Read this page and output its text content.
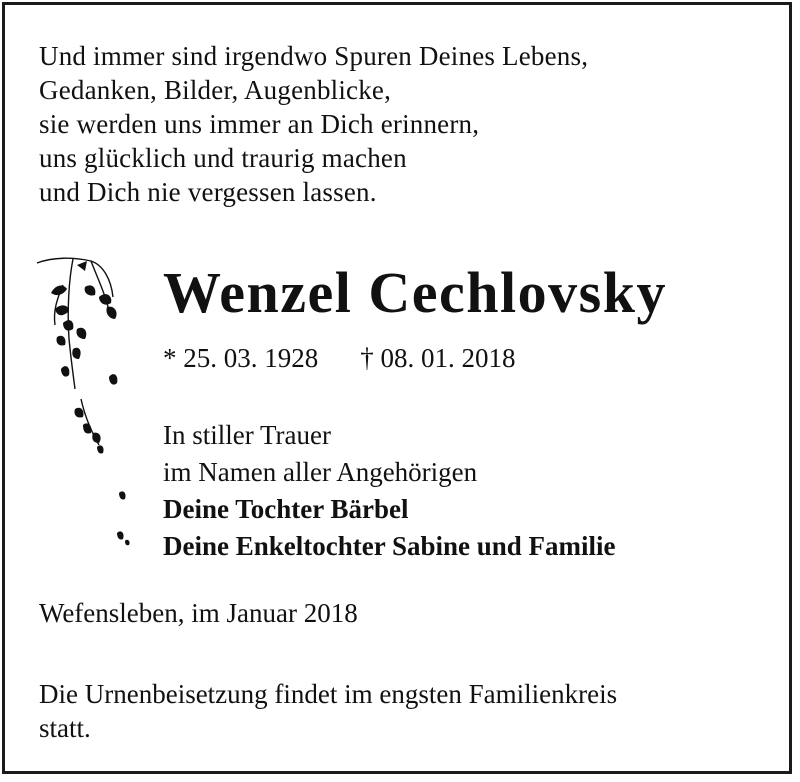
Und immer sind irgendwo Spuren Deines Lebens,
Gedanken, Bilder, Augenblicke,
sie werden uns immer an Dich erinnern,
uns glücklich und traurig machen
und Dich nie vergessen lassen.
Wenzel Cechlovsky
* 25. 03. 1928 † 08. 01. 2018
In stiller Trauer
im Namen aller Angehörigen
Deine Tochter Bärbel
Deine Enkeltochter Sabine und Familie
Wefensleben, im Januar 2018
Die Urnenbeisetzung findet im engsten Familienkreis
statt.
